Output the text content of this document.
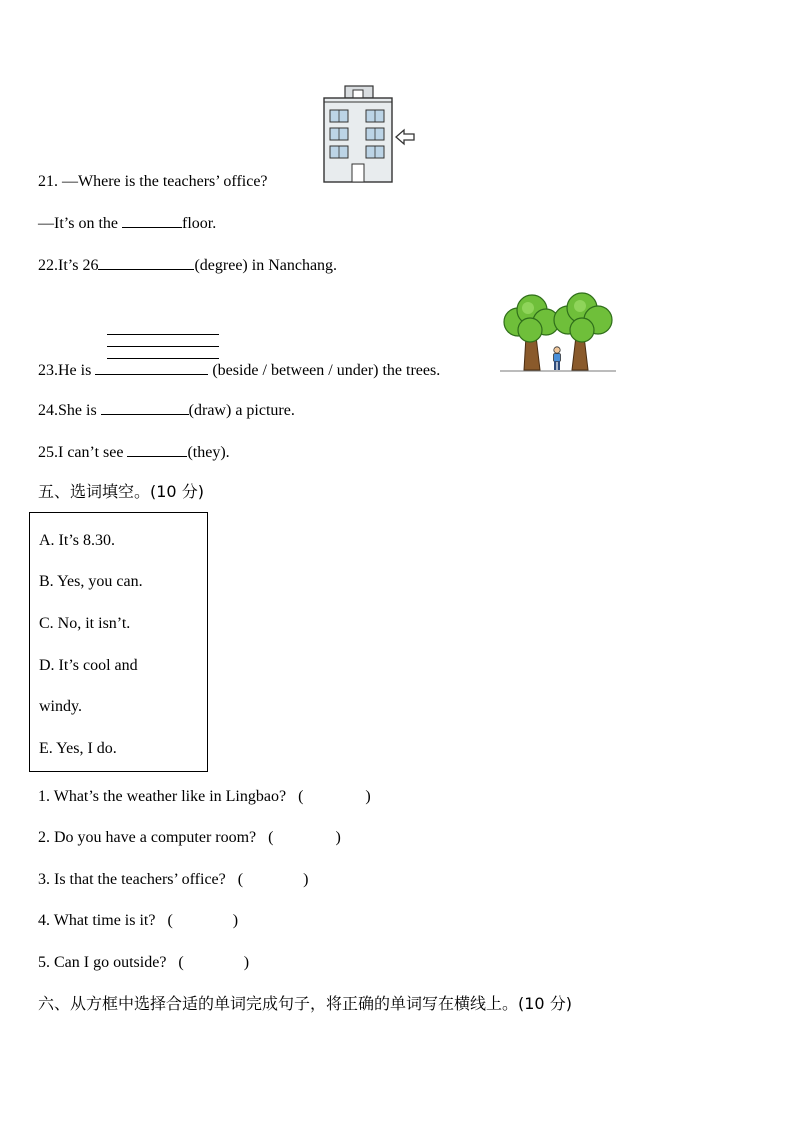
21. —Where is the teachers’ office?
—It’s on the	floor.
22.It’s 26	(degree) in Nanchang.
23.He is	(beside / between / under) the trees.
24.She is	(draw) a picture.
25.I can’t see	(they).
五、选词填空。(10 分)
A. It’s 8.30.
B. Yes, you can.
C. No, it isn’t.
D. It’s cool and
windy.
E. Yes, I do.
1. What’s the weather like in Lingbao? (	)
2. Do you have a computer room? (	)
3. Is that the teachers’ office? (	)
4. What time is it? (	)
5. Can I go outside? (	)
六、从方框中选择合适的单词完成句子，将正确的单词写在横线上。(10 分)
